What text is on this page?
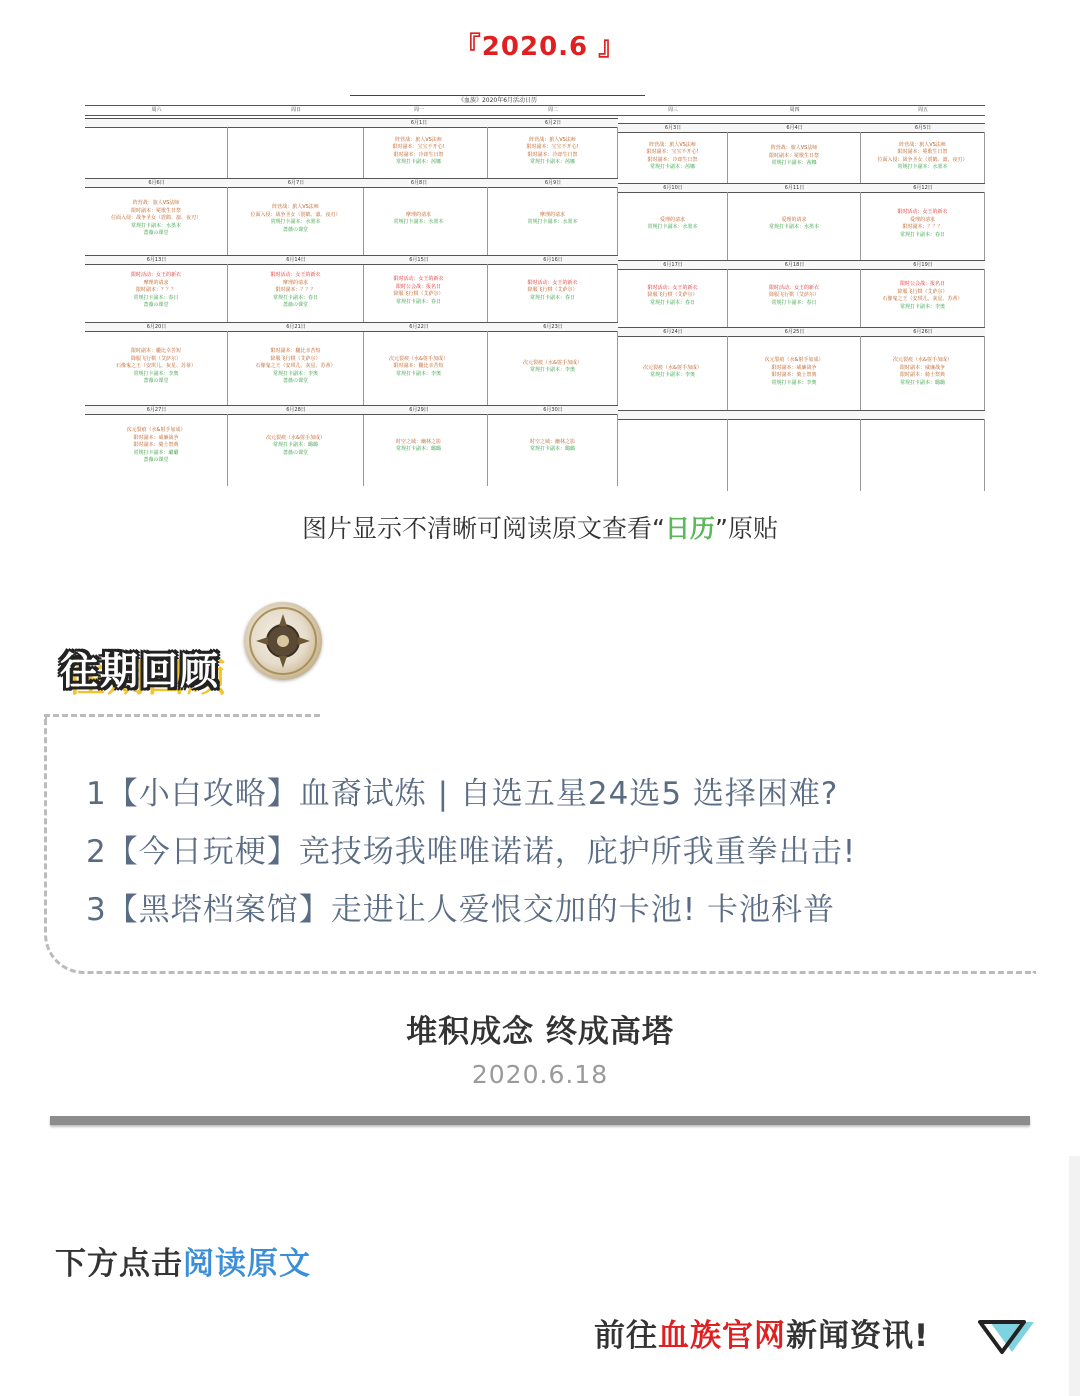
『2020.6 』
《血族》2020年6月活动日历
周六
6月6日
阵营战：旅人VS法师
限时副本：冕歌生日祭
位面入侵：战争圣女（震鹤、凛、夜刃）
常规打卡副本：水墨本
蔷薇の课堂
6月13日
限时活动：女王的新衣
摩理的请求
限时副本：？？？
常规打卡副本：春日
蔷薇の课堂
6月20日
限时副本：朧比幸苦短
降服飞行棋（艾萨尔）
石像鬼之王（安琪儿、灰星、苏蒂）
常规打卡副本：李奥
蔷薇の课堂
6月27日
次元裂痕（水&射手加成）
限时副本：威廉战争
限时副本：骑士祭典
常规打卡副本：璐璐
蔷薇の课堂
周日
6月7日
阵营战：旅人VS法师
位面入侵：战争圣女（震鹤、凛、夜刃）
常规打卡副本：水墨本
蔷薇の课堂
6月14日
限时活动：女王的新衣
摩理的请求
限时副本：？？？
常规打卡副本：春日
蔷薇の课堂
6月21日
限时副本：朧比幸苦短
降服飞行棋（艾萨尔）
石像鬼之王（安琪儿、灰星、苏蒂）
常规打卡副本：李奥
蔷薇の课堂
6月28日
次元裂痕（水&射手加成）
常规打卡副本：璐璐
蔷薇の课堂
周一
6月1日
阵营战：旅人VS法师
限时副本：宝宝不开心!
限时副本：冷却生日祭
常规打卡副本：茜娜
6月8日
摩理的请求
常规打卡副本：水墨本
6月15日
限时活动：女王的新衣
限时公会战：报名日
降服飞行棋（艾萨尔）
常规打卡副本：春日
6月22日
次元裂痕（水&射手加成）
限时副本：朧比幸苦短
常规打卡副本：李奥
6月29日
时空之域：幽林之影
常规打卡副本：璐璐
周二
6月2日
阵营战：旅人VS法师
限时副本：宝宝不开心!
限时副本：冷却生日祭
常规打卡副本：茜娜
6月9日
摩理的请求
常规打卡副本：水墨本
6月16日
限时活动：女王的新衣
降服飞行棋（艾萨尔）
常规打卡副本：春日
6月23日
次元裂痕（水&射手加成）
常规打卡副本：李奥
6月30日
时空之域：幽林之影
常规打卡副本：璐璐
周三
6月3日
阵营战：旅人VS法师
限时副本：宝宝不开心!
限时副本：冷却生日祭
常规打卡副本：茜娜
6月10日
爱理的请求
常规打卡副本：水墨本
6月17日
限时活动：女王的新衣
降服飞行棋（艾萨尔）
常规打卡副本：春日
6月24日
次元裂痕（水&射手加成）
常规打卡副本：李奥
周四
6月4日
阵营战：旅人VS法师
限时副本：冕歌生日祭
常规打卡副本：茜娜
6月11日
爱理的请求
常规打卡副本：水墨本
6月18日
限时活动：女王的新衣
降服飞行棋（艾萨尔）
常规打卡副本：春日
6月25日
次元裂痕（水&射手加成）
限时副本：威廉战争
限时副本：骑士祭典
常规打卡副本：李奥
周五
6月5日
阵营战：旅人VS法师
限时副本：冕歌生日祭
位面入侵：战争圣女（震鹤、凛、夜刃）
常规打卡副本：水墨本
6月12日
限时活动：女王的新衣
爱理的请求
限时副本：？？？
常规打卡副本：春日
6月19日
限时公会战：报名日
降服飞行棋（艾萨尔）
石像鬼之王（安琪儿、灰星、苏蒂）
常规打卡副本：李奥
6月26日
次元裂痕（水&射手加成）
限时副本：威廉战争
限时副本：骑士祭典
常规打卡副本：璐璐
图片显示不清晰可阅读原文查看“日历”原贴
往期回顾
1【小白攻略】血裔试炼 | 自选五星24选5 选择困难?
2【今日玩梗】竞技场我唯唯诺诺，庇护所我重拳出击!
3【黑塔档案馆】走进让人爱恨交加的卡池! 卡池科普
堆积成念 终成高塔
2020.6.18
下方点击阅读原文
前往血族官网新闻资讯!
